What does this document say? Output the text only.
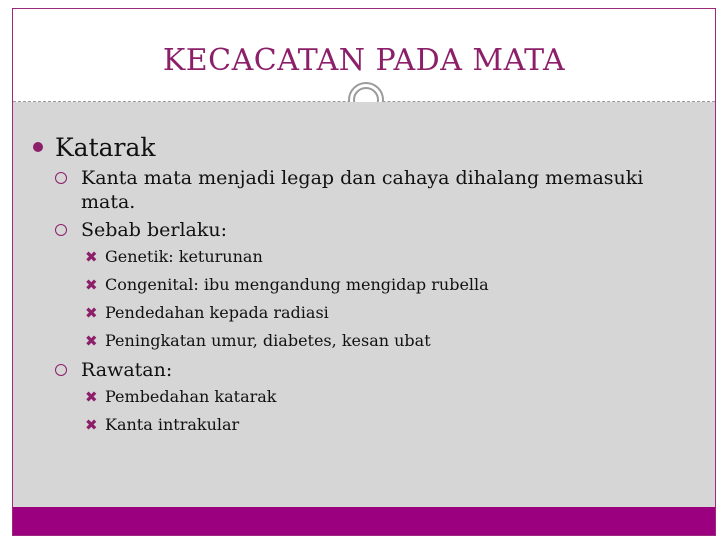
KECACATAN PADA MATA
Katarak
Kanta mata menjadi legap dan cahaya dihalang memasuki mata.
Sebab berlaku:
✖ Genetik: keturunan
✖ Congenital: ibu mengandung mengidap rubella
✖ Pendedahan kepada radiasi
✖ Peningkatan umur, diabetes, kesan ubat
Rawatan:
✖ Pembedahan katarak
✖ Kanta intrakular
